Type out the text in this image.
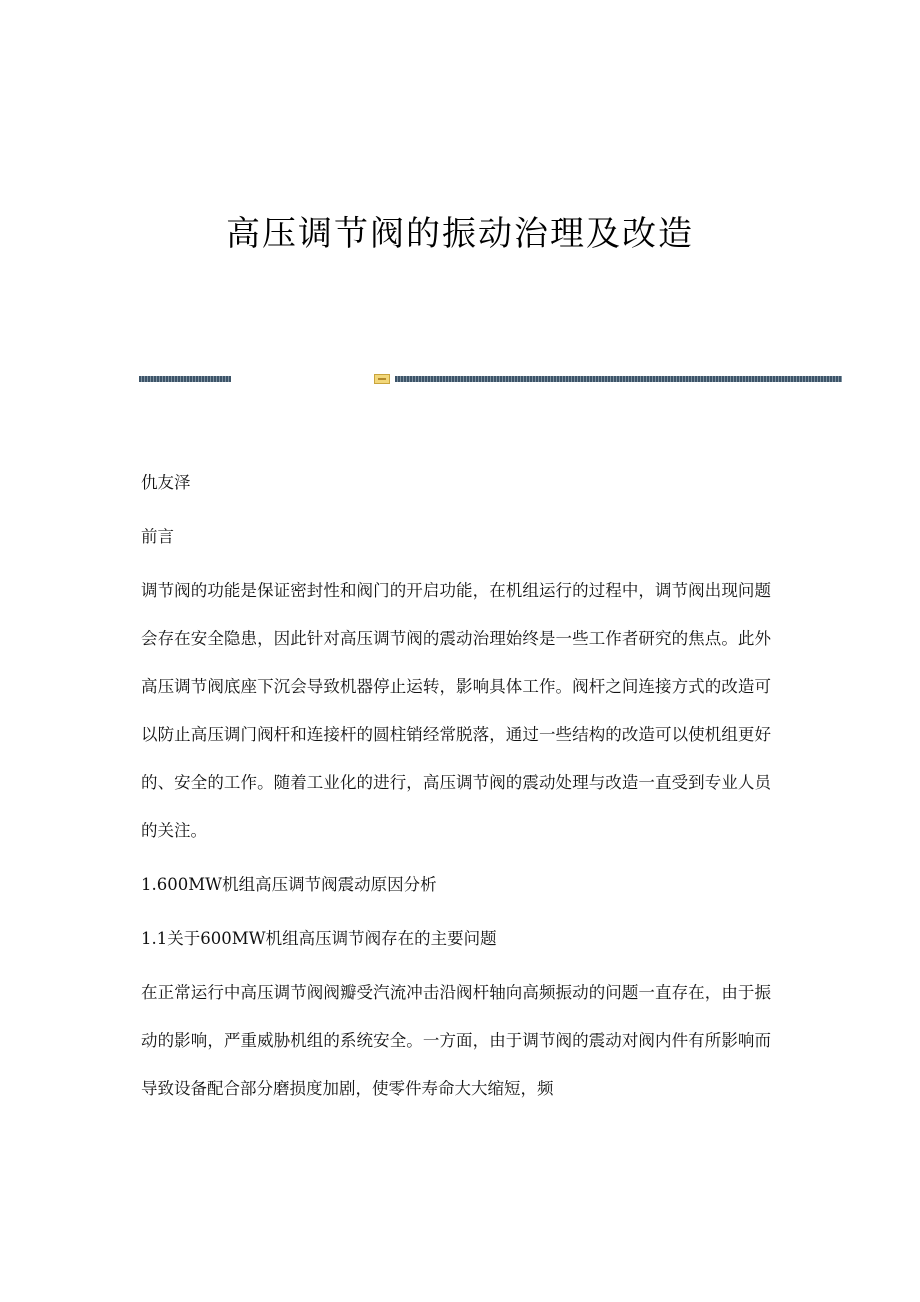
高压调节阀的振动治理及改造
仇友泽
前言
调节阀的功能是保证密封性和阀门的开启功能，在机组运行的过程中，调节阀出现问题会存在安全隐患，因此针对高压调节阀的震动治理始终是一些工作者研究的焦点。此外高压调节阀底座下沉会导致机器停止运转，影响具体工作。阀杆之间连接方式的改造可以防止高压调门阀杆和连接杆的圆柱销经常脱落，通过一些结构的改造可以使机组更好的、安全的工作。随着工业化的进行，高压调节阀的震动处理与改造一直受到专业人员的关注。
1.600MW机组高压调节阀震动原因分析
1.1关于600MW机组高压调节阀存在的主要问题
在正常运行中高压调节阀阀瓣受汽流冲击沿阀杆轴向高频振动的问题一直存在，由于振动的影响，严重威胁机组的系统安全。一方面，由于调节阀的震动对阀内件有所影响而导致设备配合部分磨损度加剧，使零件寿命大大缩短，频
